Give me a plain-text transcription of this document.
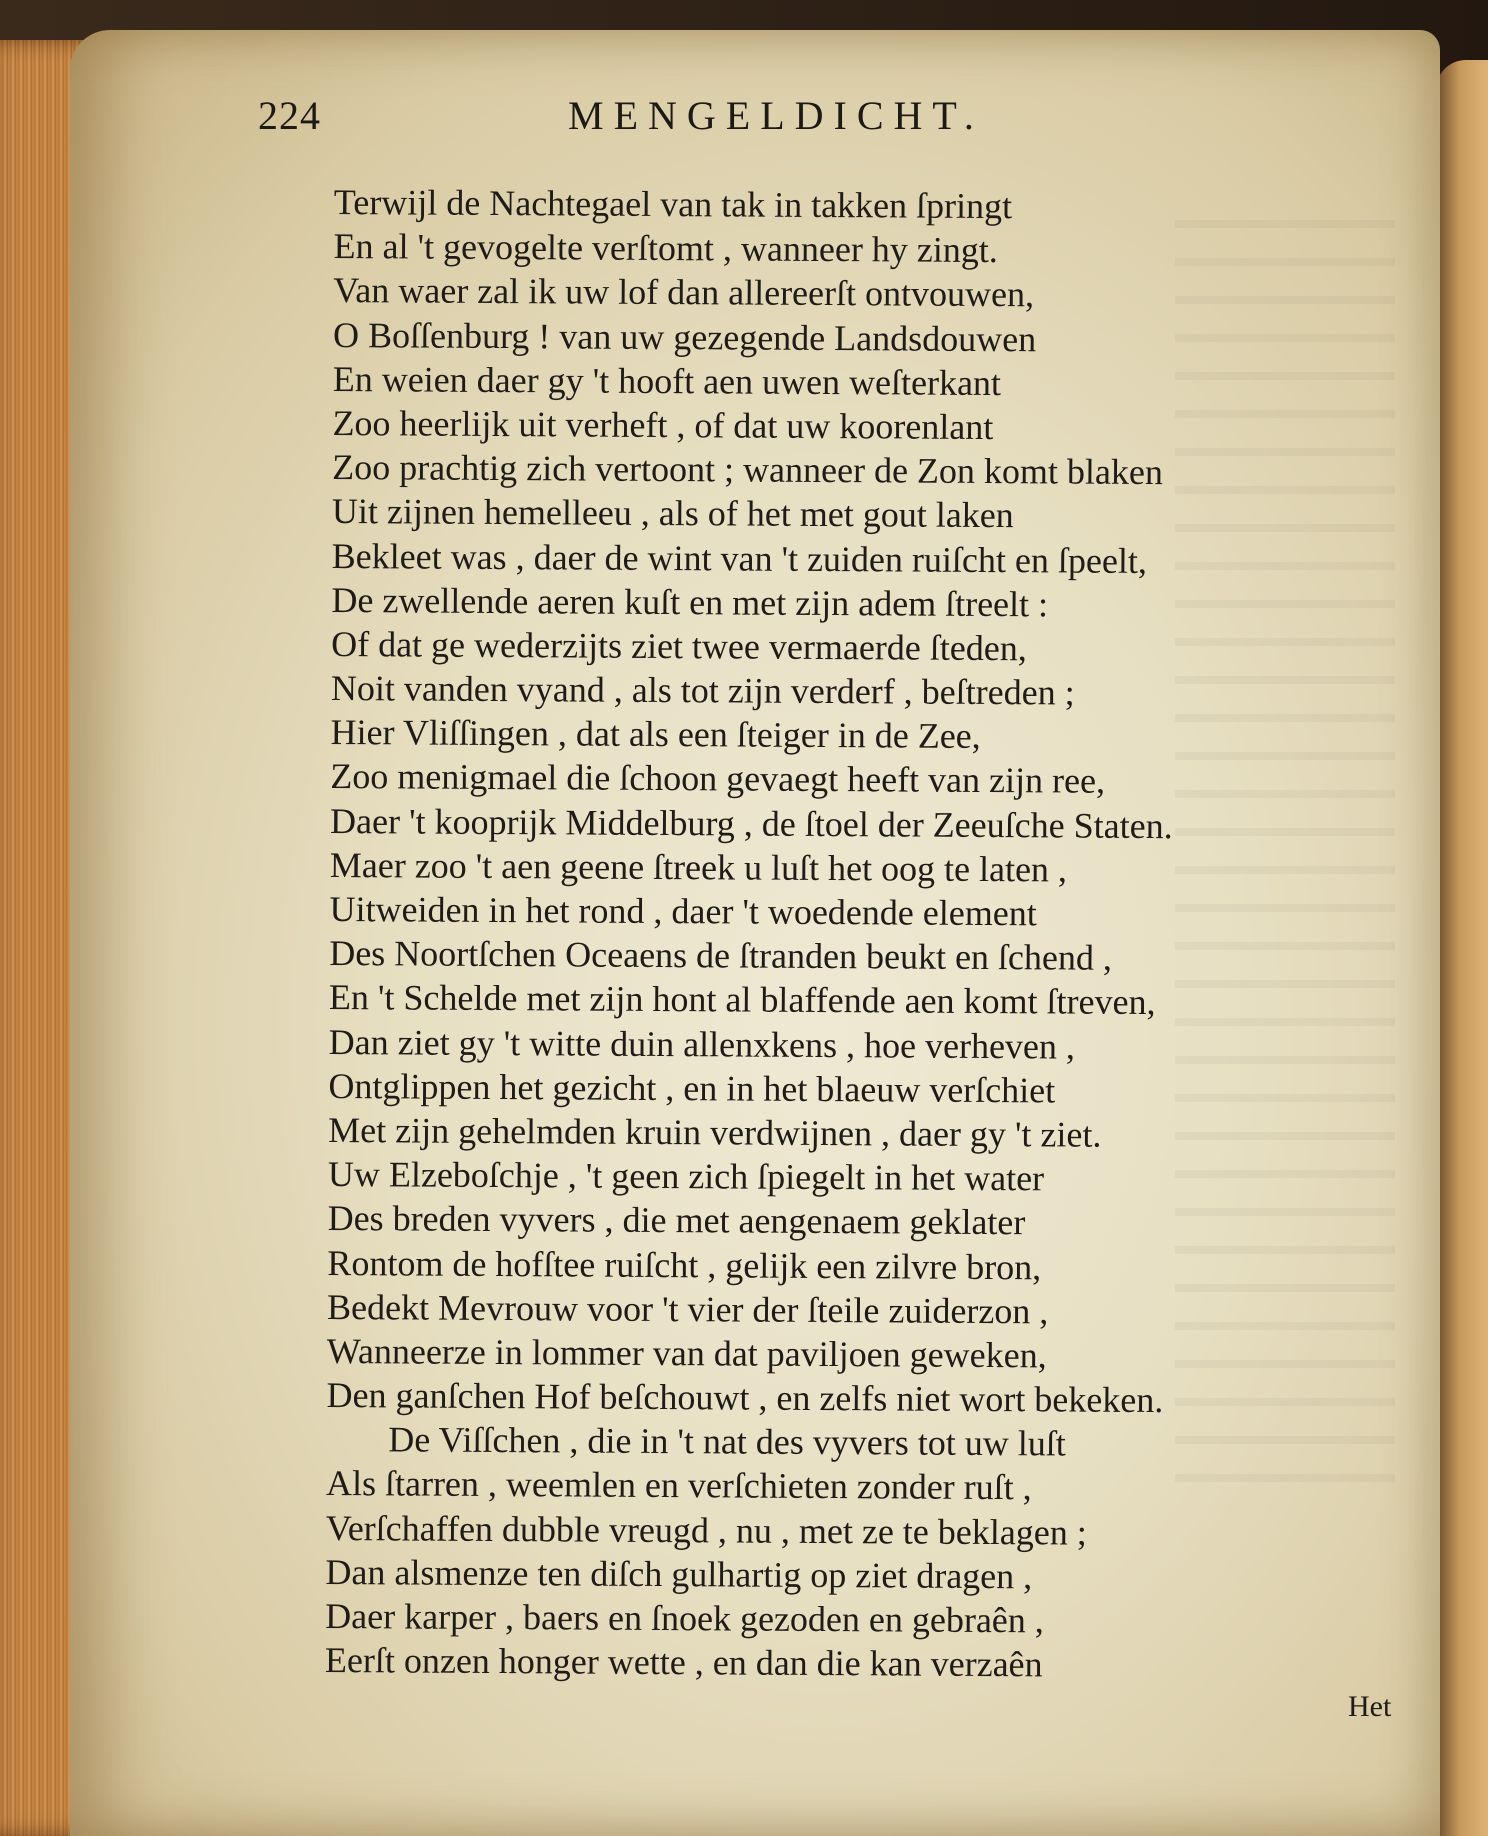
224	MENGELDICHT.
Terwijl de Nachtegael van tak in takken ſpringt
En al 't gevogelte verſtomt , wanneer hy zingt.
Van waer zal ik uw lof dan allereerſt ontvouwen,
O Boſſenburg ! van uw gezegende Landsdouwen
En weien daer gy 't hooft aen uwen weſterkant
Zoo heerlijk uit verheft , of dat uw koorenlant
Zoo prachtig zich vertoont ; wanneer de Zon komt blaken
Uit zijnen hemelleeu , als of het met gout laken
Bekleet was , daer de wint van 't zuiden ruiſcht en ſpeelt,
De zwellende aeren kuſt en met zijn adem ſtreelt :
Of dat ge wederzijts ziet twee vermaerde ſteden,
Noit vanden vyand , als tot zijn verderf , beſtreden ;
Hier Vliſſingen , dat als een ſteiger in de Zee,
Zoo menigmael die ſchoon gevaegt heeft van zijn ree,
Daer 't kooprijk Middelburg , de ſtoel der Zeeuſche Staten.
Maer zoo 't aen geene ſtreek u luſt het oog te laten ,
Uitweiden in het rond , daer 't woedende element
Des Noortſchen Oceaens de ſtranden beukt en ſchend ,
En 't Schelde met zijn hont al blaffende aen komt ſtreven,
Dan ziet gy 't witte duin allenxkens , hoe verheven ,
Ontglippen het gezicht , en in het blaeuw verſchiet
Met zijn gehelmden kruin verdwijnen , daer gy 't ziet.
Uw Elzeboſchje , 't geen zich ſpiegelt in het water
Des breden vyvers , die met aengenaem geklater
Rontom de hofſtee ruiſcht , gelijk een zilvre bron,
Bedekt Mevrouw voor 't vier der ſteile zuiderzon ,
Wanneerze in lommer van dat paviljoen geweken,
Den ganſchen Hof beſchouwt , en zelfs niet wort bekeken.
De Viſſchen , die in 't nat des vyvers tot uw luſt
Als ſtarren , weemlen en verſchieten zonder ruſt ,
Verſchaffen dubble vreugd , nu , met ze te beklagen ;
Dan alsmenze ten diſch gulhartig op ziet dragen ,
Daer karper , baers en ſnoek gezoden en gebraên ,
Eerſt onzen honger wette , en dan die kan verzaên
Het
